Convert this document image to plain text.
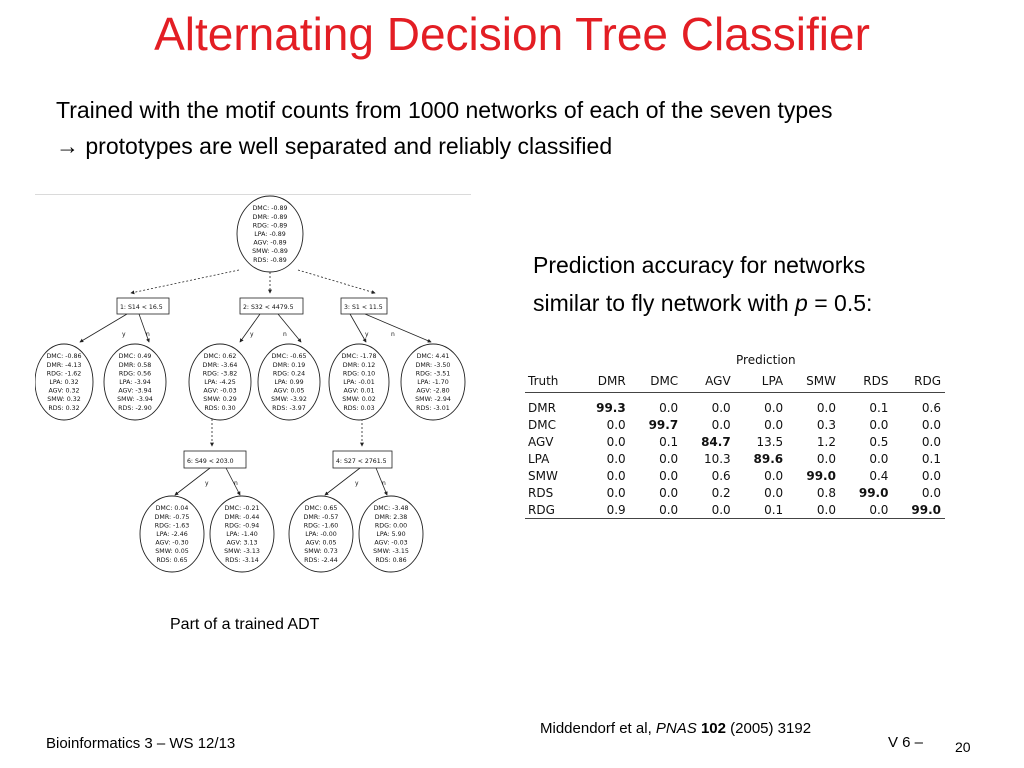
Alternating Decision Tree Classifier
Trained with the motif counts from 1000 networks of each of the seven types
→ prototypes are well separated and reliably classified
y	n	y	n	y	n
y	n	y	n
1: S14 < 16.5	2: S32 < 4479.5	3: S1 < 11.5
6: S49 < 203.0	4: S27 < 2761.5
DMC: -0.89
DMR: -0.89
RDG: -0.89
LPA: -0.89
AGV: -0.89
SMW: -0.89
RDS: -0.89
DMC: -0.86
DMR: -4.13
RDG: -1.62
LPA: 0.32
AGV: 0.32
SMW: 0.32
RDS: 0.32
DMC: 0.49
DMR: 0.58
RDG: 0.56
LPA: -3.94
AGV: -3.94
SMW: -3.94
RDS: -2.90
DMC: 0.62
DMR: -3.64
RDG: -3.82
LPA: -4.25
AGV: -0.03
SMW: 0.29
RDS: 0.30
DMC: -0.65
DMR: 0.19
RDG: 0.24
LPA: 0.99
AGV: 0.05
SMW: -3.92
RDS: -3.97
DMC: -1.78
DMR: 0.12
RDG: 0.10
LPA: -0.01
AGV: 0.01
SMW: 0.02
RDS: 0.03
DMC: 4.41
DMR: -3.50
RDG: -3.51
LPA: -1.70
AGV: -2.80
SMW: -2.94
RDS: -3.01
DMC: 0.04
DMR: -0.75
RDG: -1.63
LPA: -2.46
AGV: -0.30
SMW: 0.05
RDS: 0.65
DMC: -0.21
DMR: -0.44
RDG: -0.94
LPA: -1.40
AGV: 3.13
SMW: -3.13
RDS: -3.14
DMC: 0.65
DMR: -0.57
RDG: -1.60
LPA: -0.00
AGV: 0.05
SMW: 0.73
RDS: -2.44
DMC: -3.48
DMR: 2.38
RDG: 0.00
LPA: 5.90
AGV: -0.03
SMW: -3.15
RDS: 0.86
Part of a trained ADT
Prediction accuracy for networks
similar to fly network with p = 0.5:
Prediction							
Truth	DMR	DMC	AGV	LPA	SMW	RDS	RDG

DMR	99.3	0.0	0.0	0.0	0.0	0.1	0.6
DMC	0.0	99.7	0.0	0.0	0.3	0.0	0.0
AGV	0.0	0.1	84.7	13.5	1.2	0.5	0.0
LPA	0.0	0.0	10.3	89.6	0.0	0.0	0.1
SMW	0.0	0.0	0.6	0.0	99.0	0.4	0.0
RDS	0.0	0.0	0.2	0.0	0.8	99.0	0.0
RDG	0.9	0.0	0.0	0.1	0.0	0.0	99.0
Middendorf et al, PNAS 102 (2005) 3192
Bioinformatics 3 – WS 12/13	V 6 – 20
